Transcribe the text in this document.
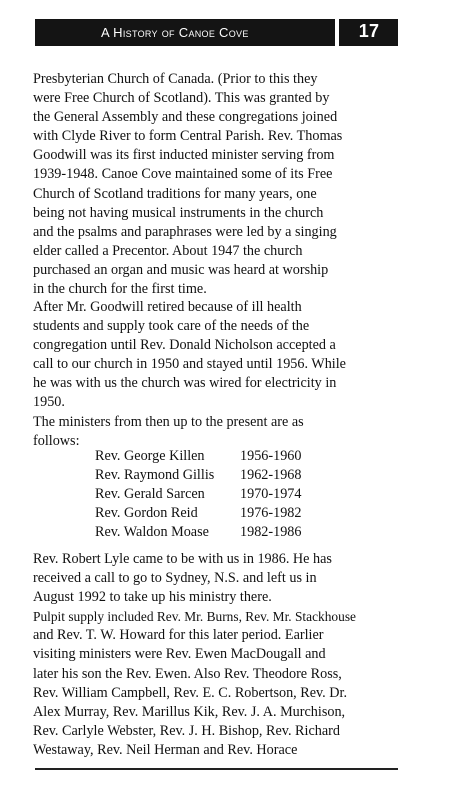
A History of Canoe Cove	17

Presbyterian Church of Canada. (Prior to this they
were Free Church of Scotland). This was granted by
the General Assembly and these congregations joined
with Clyde River to form Central Parish. Rev. Thomas
Goodwill was its first inducted minister serving from
1939-1948. Canoe Cove maintained some of its Free
Church of Scotland traditions for many years, one
being not having musical instruments in the church
and the psalms and paraphrases were led by a singing
elder called a Precentor. About 1947 the church
purchased an organ and music was heard at worship
in the church for the first time.

After Mr. Goodwill retired because of ill health
students and supply took care of the needs of the
congregation until Rev. Donald Nicholson accepted a
call to our church in 1950 and stayed until 1956. While
he was with us the church was wired for electricity in
1950.

The ministers from then up to the present are as
follows:

Rev. George Killen	1956-1960
Rev. Raymond Gillis	1962-1968
Rev. Gerald Sarcen	1970-1974
Rev. Gordon Reid	1976-1982
Rev. Waldon Moase	1982-1986

Rev. Robert Lyle came to be with us in 1986. He has
received a call to go to Sydney, N.S. and left us in
August 1992 to take up his ministry there.
Pulpit supply included Rev. Mr. Burns, Rev. Mr. Stackhouse
and Rev. T. W. Howard for this later period. Earlier
visiting ministers were Rev. Ewen MacDougall and
later his son the Rev. Ewen. Also Rev. Theodore Ross,
Rev. William Campbell, Rev. E. C. Robertson, Rev. Dr.
Alex Murray, Rev. Marillus Kik, Rev. J. A. Murchison,
Rev. Carlyle Webster, Rev. J. H. Bishop, Rev. Richard
Westaway, Rev. Neil Herman and Rev. Horace
